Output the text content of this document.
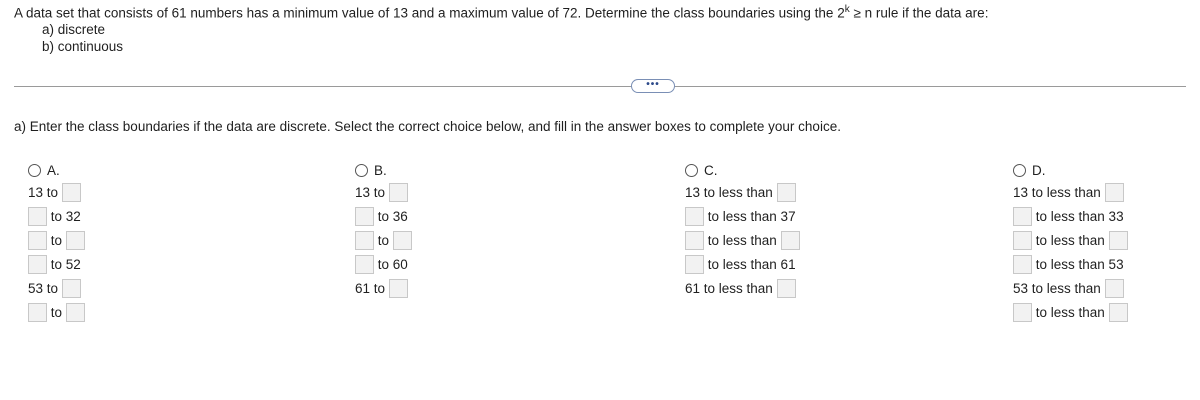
A data set that consists of 61 numbers has a minimum value of 13 and a maximum value of 72. Determine the class boundaries using the $2^k \ge n$ rule if the data are:
a) discrete
b) continuous
•••
a) Enter the class boundaries if the data are discrete. Select the correct choice below, and fill in the answer boxes to complete your choice.
A.
13 to
to 32
to
to 52
53 to
to
B.
13 to
to 36
to
to 60
61 to
C.
13 to less than
to less than 37
to less than
to less than 61
61 to less than
D.
13 to less than
to less than 33
to less than
to less than 53
53 to less than
to less than
